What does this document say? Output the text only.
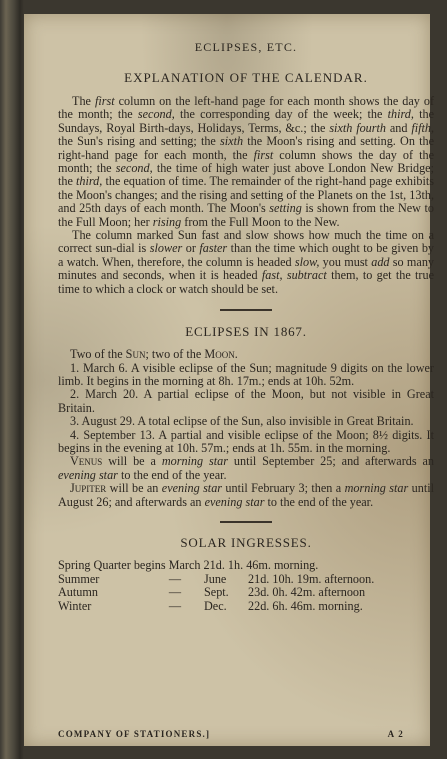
ECLIPSES, ETC.

EXPLANATION OF THE CALENDAR.

The first column on the left-hand page for each month shows the day of the month; the second, the corresponding day of the week; the third, the Sundays, Royal Birth-days, Holidays, Terms, &c.; the sixth fourth and fifth, the Sun's rising and setting; the sixth the Moon's rising and setting. On the right-hand page for each month, the first column shows the day of the month; the second, the time of high water just above London New Bridge; the third, the equation of time. The remainder of the right-hand page exhibits the Moon's changes; and the rising and setting of the Planets on the 1st, 13th, and 25th days of each month. The Moon's setting is shown from the New to the Full Moon; her rising from the Full Moon to the New.

The column marked Sun fast and slow shows how much the time on a correct sun-dial is slower or faster than the time which ought to be given by a watch. When, therefore, the column is headed slow, you must add so many minutes and seconds, when it is headed fast, subtract them, to get the true time to which a clock or watch should be set.

ECLIPSES IN 1867.

Two of the Sun; two of the Moon.

1. March 6. A visible eclipse of the Sun; magnitude 9 digits on the lower limb. It begins in the morning at 8h. 17m.; ends at 10h. 52m.

2. March 20. A partial eclipse of the Moon, but not visible in Great Britain.

3. August 29. A total eclipse of the Sun, also invisible in Great Britain.

4. September 13. A partial and visible eclipse of the Moon; 8½ digits. It begins in the evening at 10h. 57m.; ends at 1h. 55m. in the morning.

Venus will be a morning star until September 25; and afterwards an evening star to the end of the year.

Jupiter will be an evening star until February 3; then a morning star until August 26; and afterwards an evening star to the end of the year.

SOLAR INGRESSES.

Spring Quarter begins March 21d. 1h. 46m. morning.
Summer	—	June	21d. 10h. 19m. afternoon.
Autumn	—	Sept.	23d. 0h. 42m. afternoon
Winter	—	Dec.	22d. 6h. 46m. morning.
COMPANY OF STATIONERS.]	A 2
